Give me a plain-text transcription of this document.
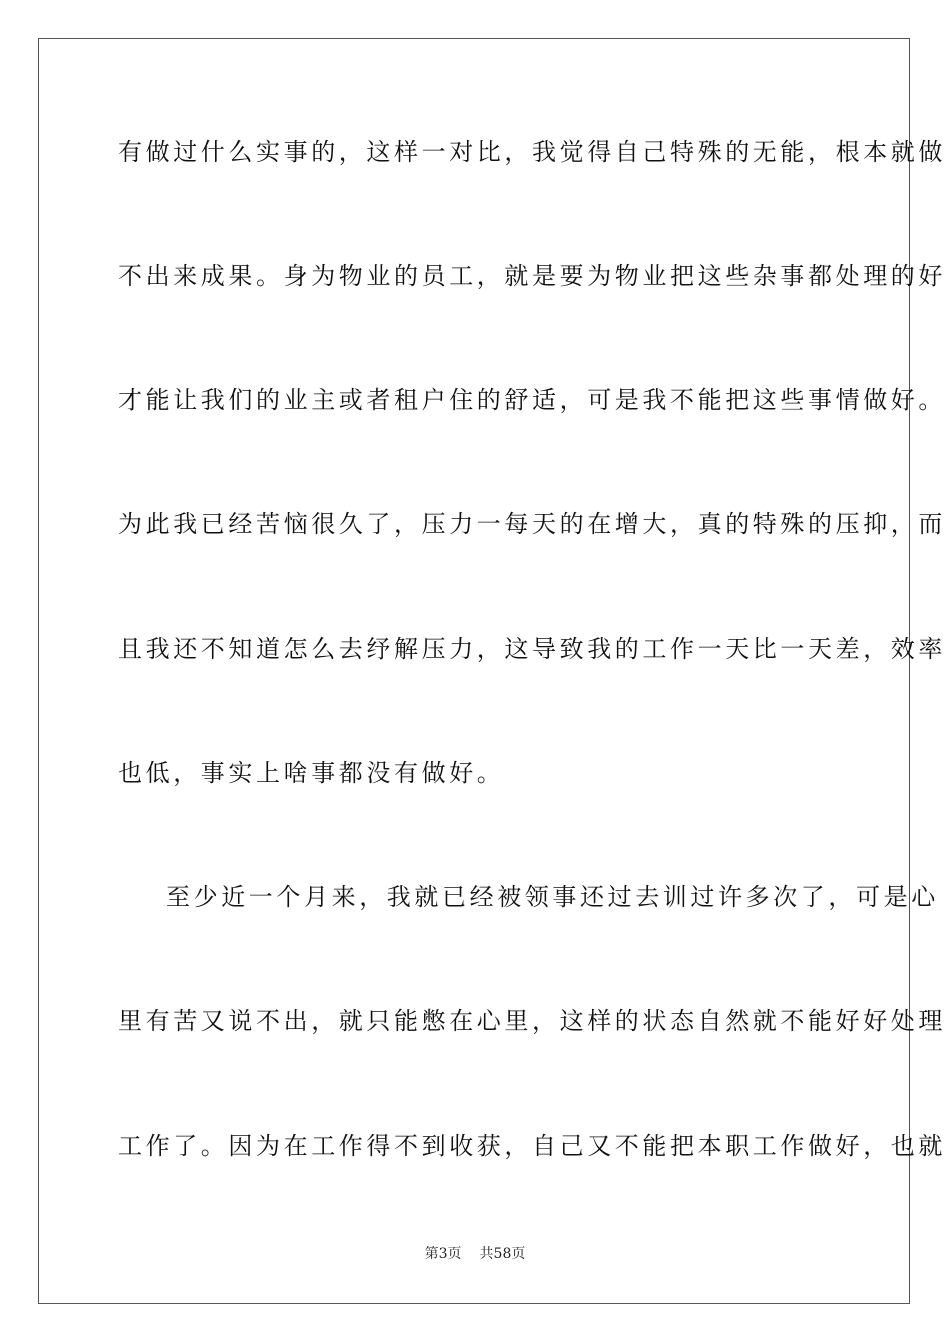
有做过什么实事的，这样一对比，我觉得自己特殊的无能，根本就做
不出来成果。身为物业的员工，就是要为物业把这些杂事都处理的好
才能让我们的业主或者租户住的舒适，可是我不能把这些事情做好。
为此我已经苦恼很久了，压力一每天的在增大，真的特殊的压抑，而
且我还不知道怎么去纾解压力，这导致我的工作一天比一天差，效率
也低，事实上啥事都没有做好。
至少近一个月来，我就已经被领事还过去训过许多次了，可是心
里有苦又说不出，就只能憋在心里，这样的状态自然就不能好好处理
工作了。因为在工作得不到收获，自己又不能把本职工作做好，也就
第3页 共58页
